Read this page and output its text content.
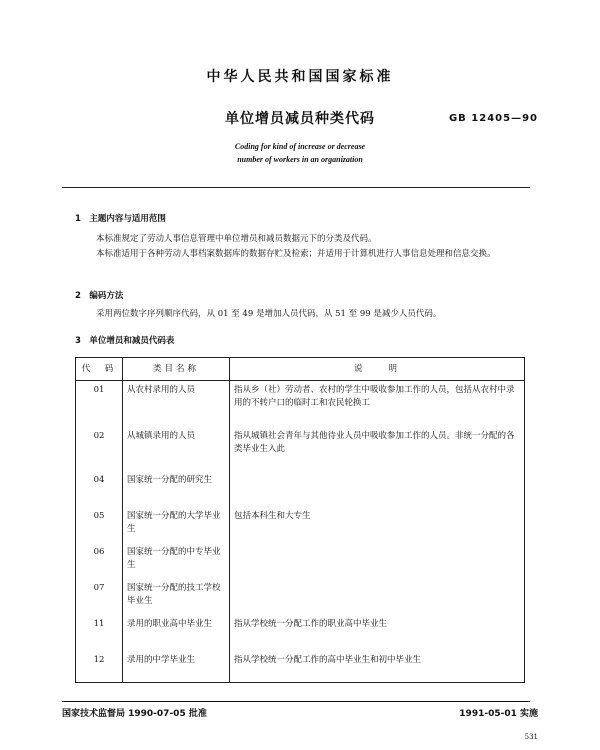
中华人民共和国国家标准
单位增员减员种类代码	GB 12405—90
Coding for kind of increase or decrease
number of workers in an organization
1　主题内容与适用范围
本标准规定了劳动人事信息管理中单位增员和减员数据元下的分类及代码。
本标准适用于各种劳动人事档案数据库的数据存贮及检索；并适用于计算机进行人事信息处理和信息交换。
2　编码方法
采用两位数字序列顺序代码，从 01 至 49 是增加人员代码，从 51 至 99 是减少人员代码。
3　单位增员和减员代码表
代　码	类目名称	说　　明
01	从农村录用的人员	指从乡（社）劳动者、农村的学生中吸收参加工作的人员，包括从农村中录用的不转户口的临时工和农民轮换工
02	从城镇录用的人员	指从城镇社会青年与其他待业人员中吸收参加工作的人员。非统一分配的各类毕业生入此
04	国家统一分配的研究生	
05	国家统一分配的大学毕业生	包括本科生和大专生
06	国家统一分配的中专毕业生	
07	国家统一分配的技工学校毕业生	
11	录用的职业高中毕业生	指从学校统一分配工作的职业高中毕业生
12	录用的中学毕业生	指从学校统一分配工作的高中毕业生和初中毕业生
国家技术监督局 1990-07-05 批准	1991-05-01 实施
531
